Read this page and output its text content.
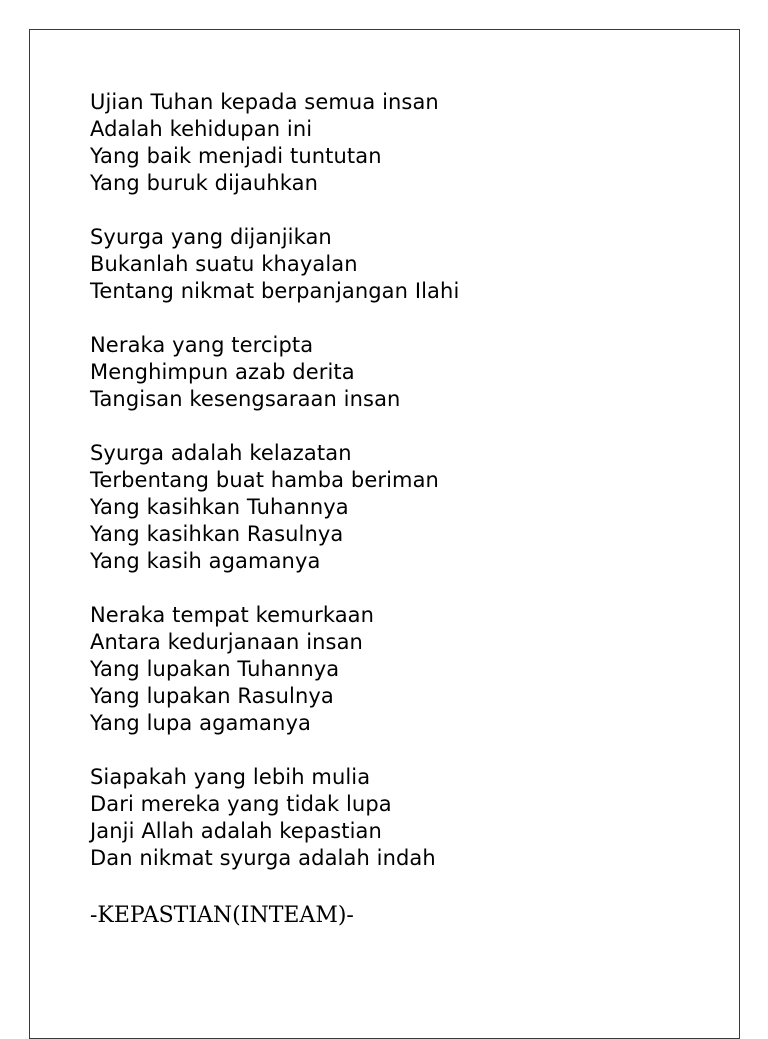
Ujian Tuhan kepada semua insan
Adalah kehidupan ini
Yang baik menjadi tuntutan
Yang buruk dijauhkan
Syurga yang dijanjikan
Bukanlah suatu khayalan
Tentang nikmat berpanjangan Ilahi
Neraka yang tercipta
Menghimpun azab derita
Tangisan kesengsaraan insan
Syurga adalah kelazatan
Terbentang buat hamba beriman
Yang kasihkan Tuhannya
Yang kasihkan Rasulnya
Yang kasih agamanya
Neraka tempat kemurkaan
Antara kedurjanaan insan
Yang lupakan Tuhannya
Yang lupakan Rasulnya
Yang lupa agamanya
Siapakah yang lebih mulia
Dari mereka yang tidak lupa
Janji Allah adalah kepastian
Dan nikmat syurga adalah indah
-KEPASTIAN(INTEAM)-
